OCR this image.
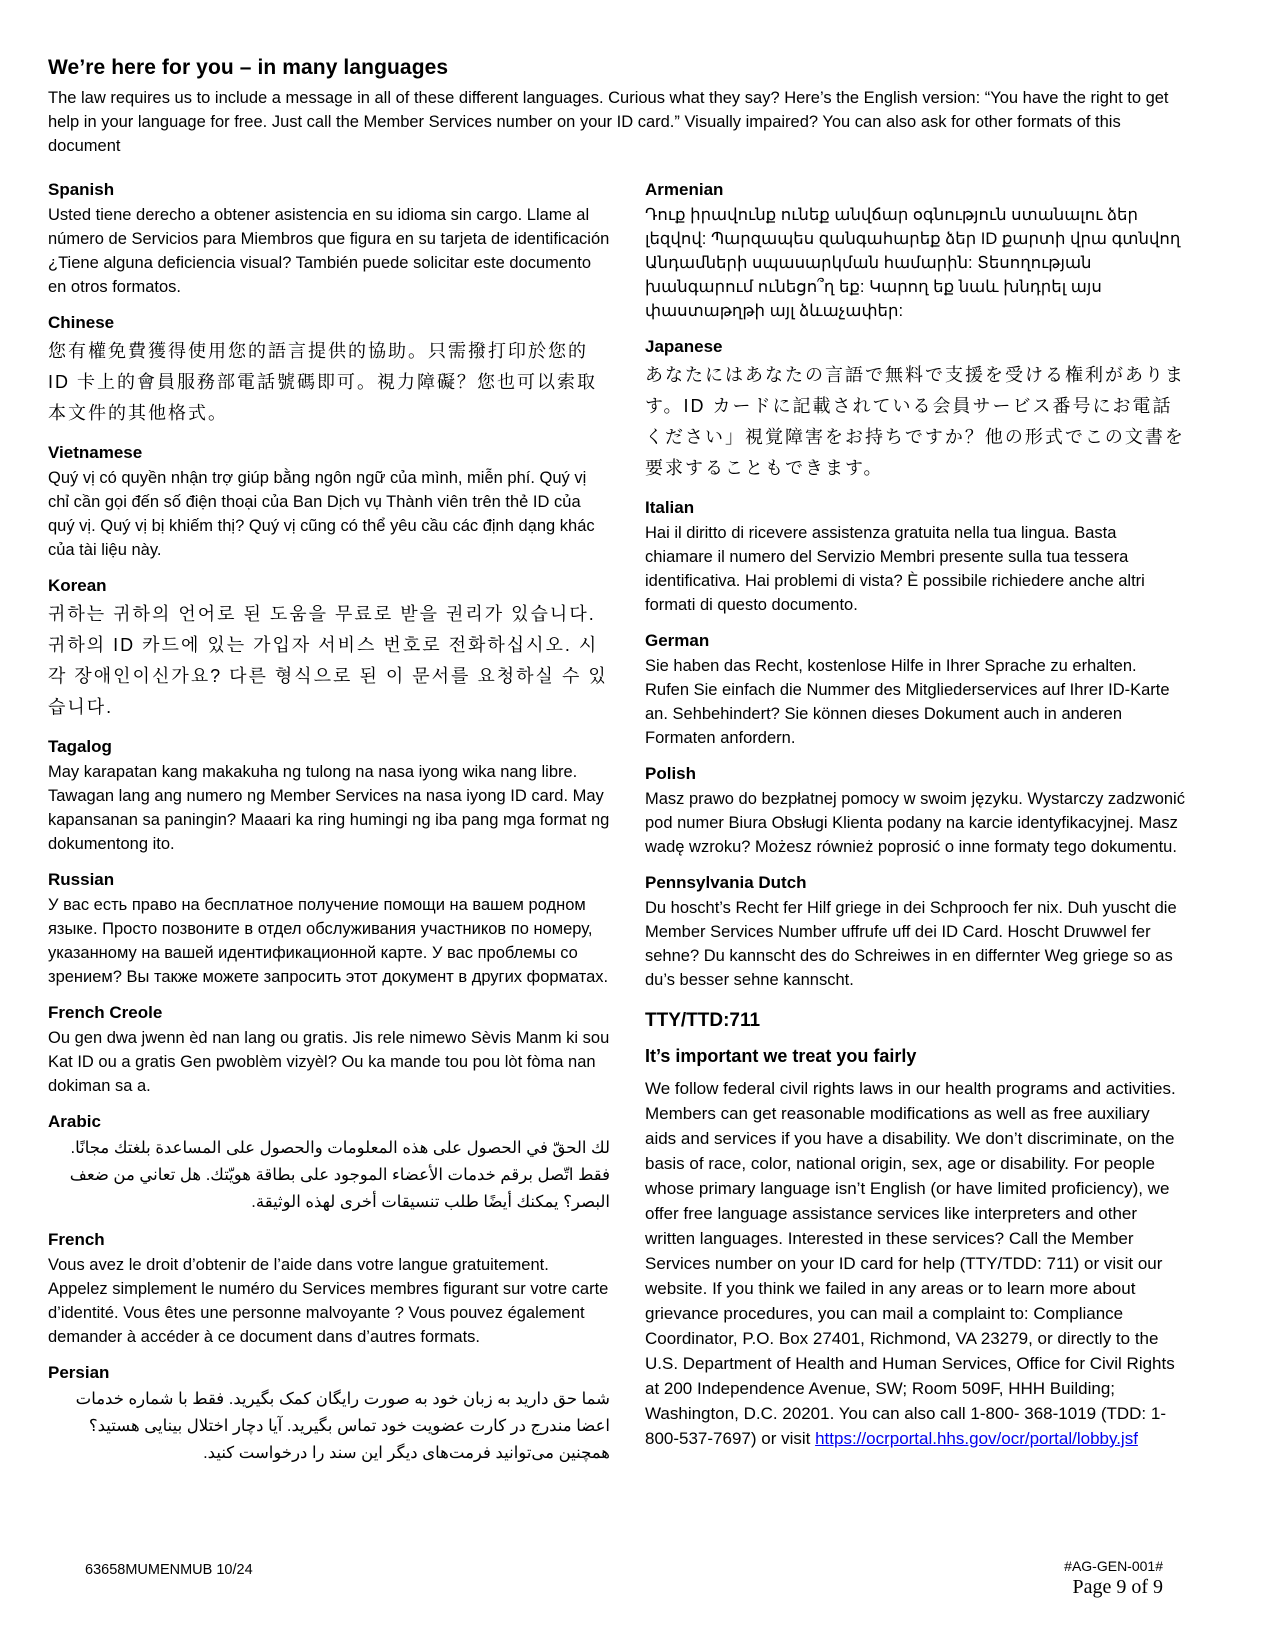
We’re here for you – in many languages

The law requires us to include a message in all of these different languages. Curious what they say? Here’s the English version: “You have the right to get help in your language for free. Just call the Member Services number on your ID card.” Visually impaired? You can also ask for other formats of this document

Spanish

Usted tiene derecho a obtener asistencia en su idioma sin cargo. Llame al número de Servicios para Miembros que figura en su tarjeta de identificación ¿Tiene alguna deficiencia visual? También puede solicitar este documento en otros formatos.

Chinese

您有權免費獲得使用您的語言提供的協助。只需撥打印於您的 ID 卡上的會員服務部電話號碼即可。視力障礙？您也可以索取本文件的其他格式。

Vietnamese

Quý vị có quyền nhận trợ giúp bằng ngôn ngữ của mình, miễn phí. Quý vị chỉ cần gọi đến số điện thoại của Ban Dịch vụ Thành viên trên thẻ ID của quý vị. Quý vị bị khiếm thị? Quý vị cũng có thể yêu cầu các định dạng khác của tài liệu này.

Korean

귀하는 귀하의 언어로 된 도움을 무료로 받을 권리가 있습니다. 귀하의 ID 카드에 있는 가입자 서비스 번호로 전화하십시오. 시각 장애인이신가요? 다른 형식으로 된 이 문서를 요청하실 수 있습니다.

Tagalog

May karapatan kang makakuha ng tulong na nasa iyong wika nang libre. Tawagan lang ang numero ng Member Services na nasa iyong ID card. May kapansanan sa paningin? Maaari ka ring humingi ng iba pang mga format ng dokumentong ito.

Russian

У вас есть право на бесплатное получение помощи на вашем родном языке. Просто позвоните в отдел обслуживания участников по номеру, указанному на вашей идентификационной карте. У вас проблемы со зрением? Вы также можете запросить этот документ в других форматах.

French Creole

Ou gen dwa jwenn èd nan lang ou gratis. Jis rele nimewo Sèvis Manm ki sou Kat ID ou a gratis Gen pwoblèm vizyèl? Ou ka mande tou pou lòt fòma nan dokiman sa a.

Arabic

لك الحقّ في الحصول على هذه المعلومات والحصول على المساعدة بلغتك مجانًا. فقط اتّصل برقم خدمات الأعضاء الموجود على بطاقة هويّتك. هل تعاني من ضعف البصر؟ يمكنك أيضًا طلب تنسيقات أخرى لهذه الوثيقة.

French

Vous avez le droit d’obtenir de l’aide dans votre langue gratuitement. Appelez simplement le numéro du Services membres figurant sur votre carte d’identité. Vous êtes une personne malvoyante ? Vous pouvez également demander à accéder à ce document dans d’autres formats.

Persian

شما حق دارید به زبان خود به صورت رایگان کمک بگیرید. فقط با شماره خدمات اعضا مندرج در کارت عضویت خود تماس بگیرید. آیا دچار اختلال بینایی هستید؟ همچنین می‌توانید فرمت‌های دیگر این سند را درخواست کنید.

Armenian

Դուք իրավունք ունեք անվճար օգնություն ստանալու ձեր լեզվով: Պարզապես զանգահարեք ձեր ID քարտի վրա գտնվող Անդամների սպասարկման համարին: Տեսողության խանգարում ունեցո՞ղ եք: Կարող եք նաև խնդրել այս փաստաթղթի այլ ձևաչափեր:

Japanese

あなたにはあなたの言語で無料で支援を受ける権利があります。ID カードに記載されている会員サービス番号にお電話ください」視覚障害をお持ちですか？他の形式でこの文書を要求することもできます。

Italian

Hai il diritto di ricevere assistenza gratuita nella tua lingua. Basta chiamare il numero del Servizio Membri presente sulla tua tessera identificativa. Hai problemi di vista? È possibile richiedere anche altri formati di questo documento.

German

Sie haben das Recht, kostenlose Hilfe in Ihrer Sprache zu erhalten. Rufen Sie einfach die Nummer des Mitgliederservices auf Ihrer ID-Karte an. Sehbehindert? Sie können dieses Dokument auch in anderen Formaten anfordern.

Polish

Masz prawo do bezpłatnej pomocy w swoim języku. Wystarczy zadzwonić pod numer Biura Obsługi Klienta podany na karcie identyfikacyjnej. Masz wadę wzroku? Możesz również poprosić o inne formaty tego dokumentu.

Pennsylvania Dutch

Du hoscht’s Recht fer Hilf griege in dei Schprooch fer nix. Duh yuscht die Member Services Number uffrufe uff dei ID Card. Hoscht Druwwel fer sehne? Du kannscht des do Schreiwes in en differnter Weg griege so as du’s besser sehne kannscht.

TTY/TTD:711
It’s important we treat you fairly

We follow federal civil rights laws in our health programs and activities. Members can get reasonable modifications as well as free auxiliary aids and services if you have a disability. We don’t discriminate, on the basis of race, color, national origin, sex, age or disability. For people whose primary language isn’t English (or have limited proficiency), we offer free language assistance services like interpreters and other written languages. Interested in these services? Call the Member Services number on your ID card for help (TTY/TDD: 711) or visit our website. If you think we failed in any areas or to learn more about grievance procedures, you can mail a complaint to: Compliance Coordinator, P.O. Box 27401, Richmond, VA 23279, or directly to the U.S. Department of Health and Human Services, Office for Civil Rights at 200 Independence Avenue, SW; Room 509F, HHH Building; Washington, D.C. 20201. You can also call 1-800- 368-1019 (TDD: 1-800-537-7697) or visit https://ocrportal.hhs.gov/ocr/portal/lobby.jsf

63658MUMENMUB 10/24	#AG-GEN-001#
Page 9 of 9
